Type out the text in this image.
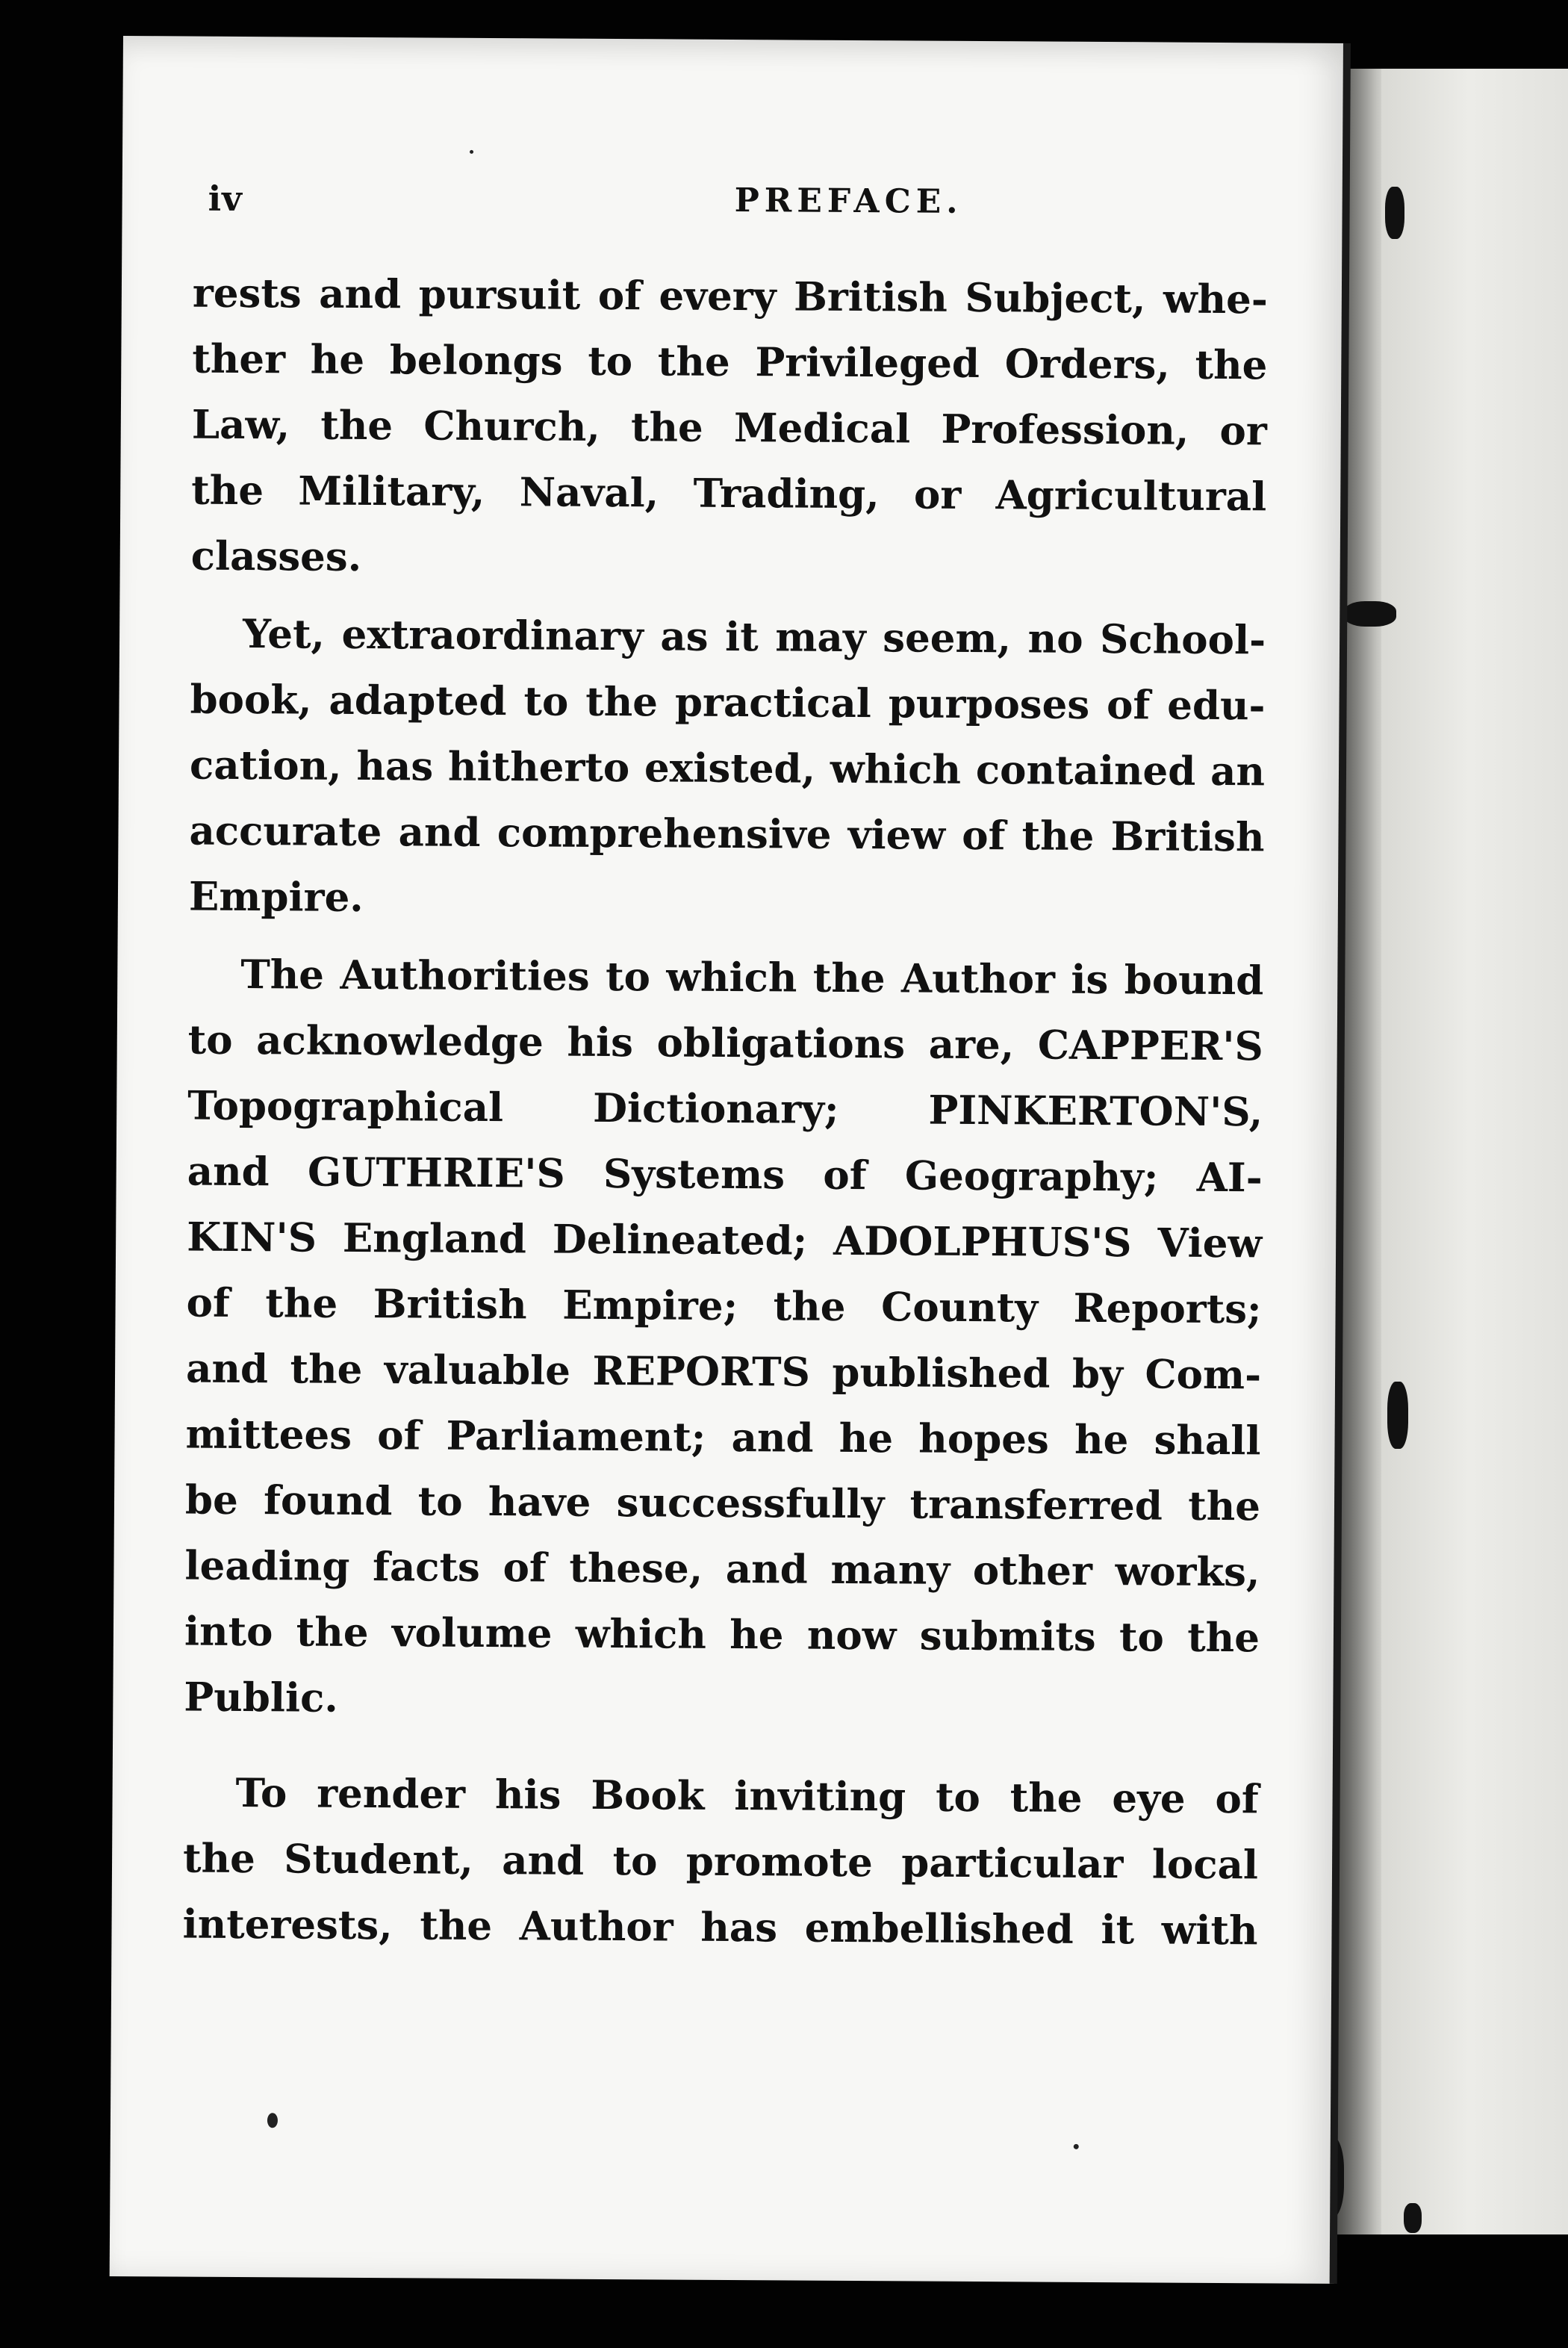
iv	PREFACE.
rests and pursuit of every British Subject, whe-
ther he belongs to the Privileged Orders, the
Law, the Church, the Medical Profession, or
the Military, Naval, Trading, or Agricultural
classes.
Yet, extraordinary as it may seem, no School-
book, adapted to the practical purposes of edu-
cation, has hitherto existed, which contained an
accurate and comprehensive view of the British
Empire.
The Authorities to which the Author is bound
to acknowledge his obligations are, CAPPER'S
Topographical Dictionary; PINKERTON'S,
and GUTHRIE'S Systems of Geography; AI-
KIN'S England Delineated; ADOLPHUS'S View
of the British Empire; the County Reports;
and the valuable REPORTS published by Com-
mittees of Parliament; and he hopes he shall
be found to have successfully transferred the
leading facts of these, and many other works,
into the volume which he now submits to the
Public.
To render his Book inviting to the eye of
the Student, and to promote particular local
interests, the Author has embellished it with
